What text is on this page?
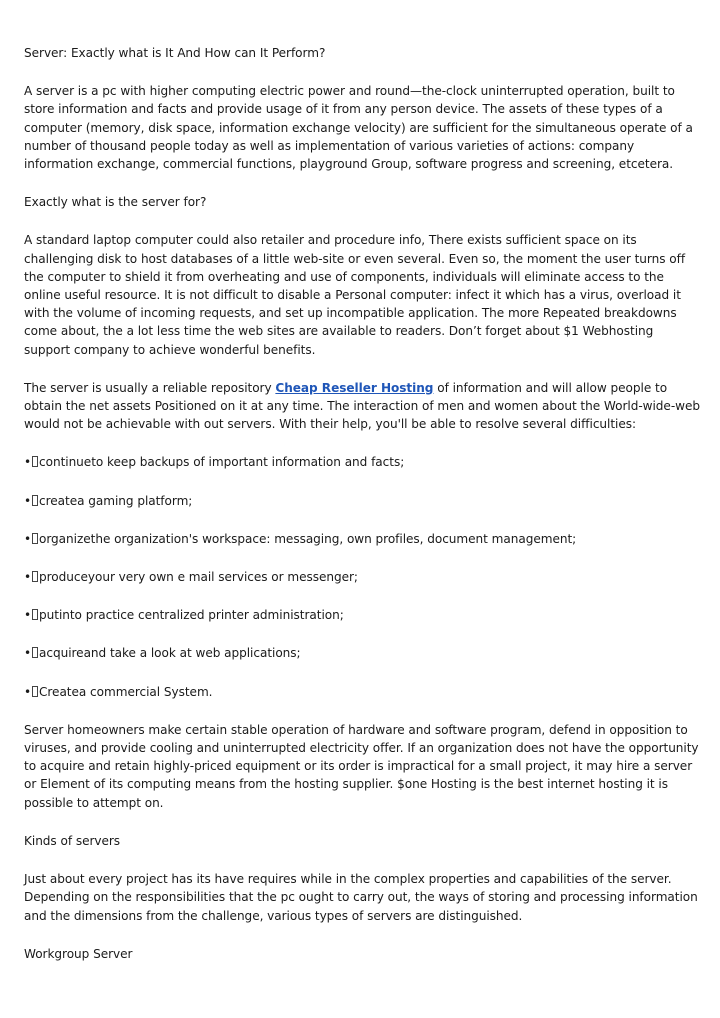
Server: Exactly what is It And How can It Perform?

A server is a pc with higher computing electric power and round—the-clock uninterrupted operation, built to store information and facts and provide usage of it from any person device. The assets of these types of a computer (memory, disk space, information exchange velocity) are sufficient for the simultaneous operate of a number of thousand people today as well as implementation of various varieties of actions: company information exchange, commercial functions, playground Group, software progress and screening, etcetera.

Exactly what is the server for?

A standard laptop computer could also retailer and procedure info, There exists sufficient space on its challenging disk to host databases of a little web-site or even several. Even so, the moment the user turns off the computer to shield it from overheating and use of components, individuals will eliminate access to the online useful resource. It is not difficult to disable a Personal computer: infect it which has a virus, overload it with the volume of incoming requests, and set up incompatible application. The more Repeated breakdowns come about, the a lot less time the web sites are available to readers. Don’t forget about $1 Webhosting support company to achieve wonderful benefits.

The server is usually a reliable repository Cheap Reseller Hosting of information and will allow people to obtain the net assets Positioned on it at any time. The interaction of men and women about the World-wide-web would not be achievable with out servers. With their help, you'll be able to resolve several difficulties:

• continueto keep backups of important information and facts;
• createa gaming platform;
• organizethe organization's workspace: messaging, own profiles, document management;
• produceyour very own e mail services or messenger;
• putinto practice centralized printer administration;
• acquireand take a look at web applications;
• Createa commercial System.

Server homeowners make certain stable operation of hardware and software program, defend in opposition to viruses, and provide cooling and uninterrupted electricity offer. If an organization does not have the opportunity to acquire and retain highly-priced equipment or its order is impractical for a small project, it may hire a server or Element of its computing means from the hosting supplier. $one Hosting is the best internet hosting it is possible to attempt on.

Kinds of servers

Just about every project has its have requires while in the complex properties and capabilities of the server. Depending on the responsibilities that the pc ought to carry out, the ways of storing and processing information and the dimensions from the challenge, various types of servers are distinguished.

Workgroup Server
